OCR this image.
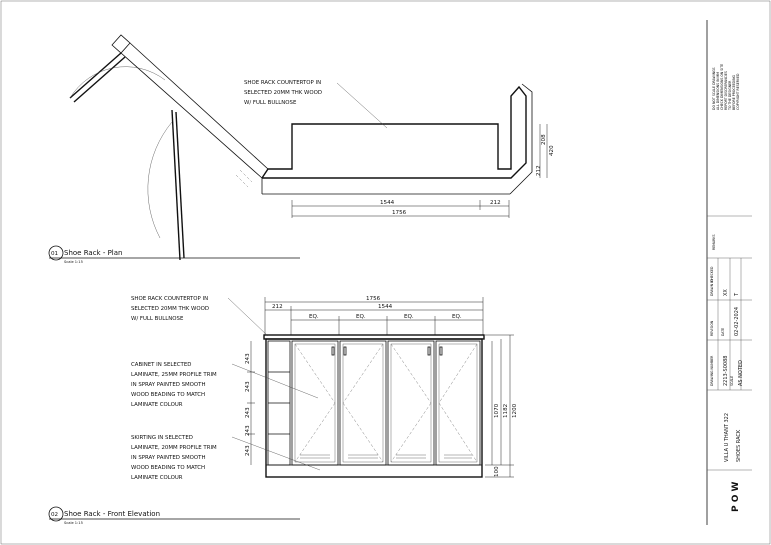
SHOE RACK COUNTERTOP IN
SELECTED 20MM THK WOOD
W/ FULL BULLNOSE
1544	212
1756
208
420
212
01 Shoe Rack - Plan
Scale 1:15
1756
212	1544
EQ.	EQ.	EQ.	EQ.
243
243
243
243
243
1070 1182 1200
100
SHOE RACK COUNTERTOP IN
SELECTED 20MM THK WOOD
W/ FULL BULLNOSE
CABINET IN SELECTED
LAMINATE, 25MM PROFILE TRIM
IN SPRAY PAINTED SMOOTH
WOOD BEADING TO MATCH
LAMINATE COLOUR
SKIRTING IN SELECTED
LAMINATE, 20MM PROFILE TRIM
IN SPRAY PAINTED SMOOTH
WOOD BEADING TO MATCH
LAMINATE COLOUR
02 Shoe Rack - Front Elevation
Scale 1:15
DO NOT SCALE DRAWINGS ALL DIMENSIONS IN MM CHECK DIMENSIONS ON SITE REPORT DISCREPANCIES TO THE DESIGNER BEFORE PROCEEDING COPYRIGHT RESERVED
REMARKS
DRAWN BY XX
CHECKED
T
REVISION DATE 02-02-2024
DRAWING NUMBER 2213-S0088 SCALE AS NOTED
VILLA U THANT 322 SHOES RACK
P O W
